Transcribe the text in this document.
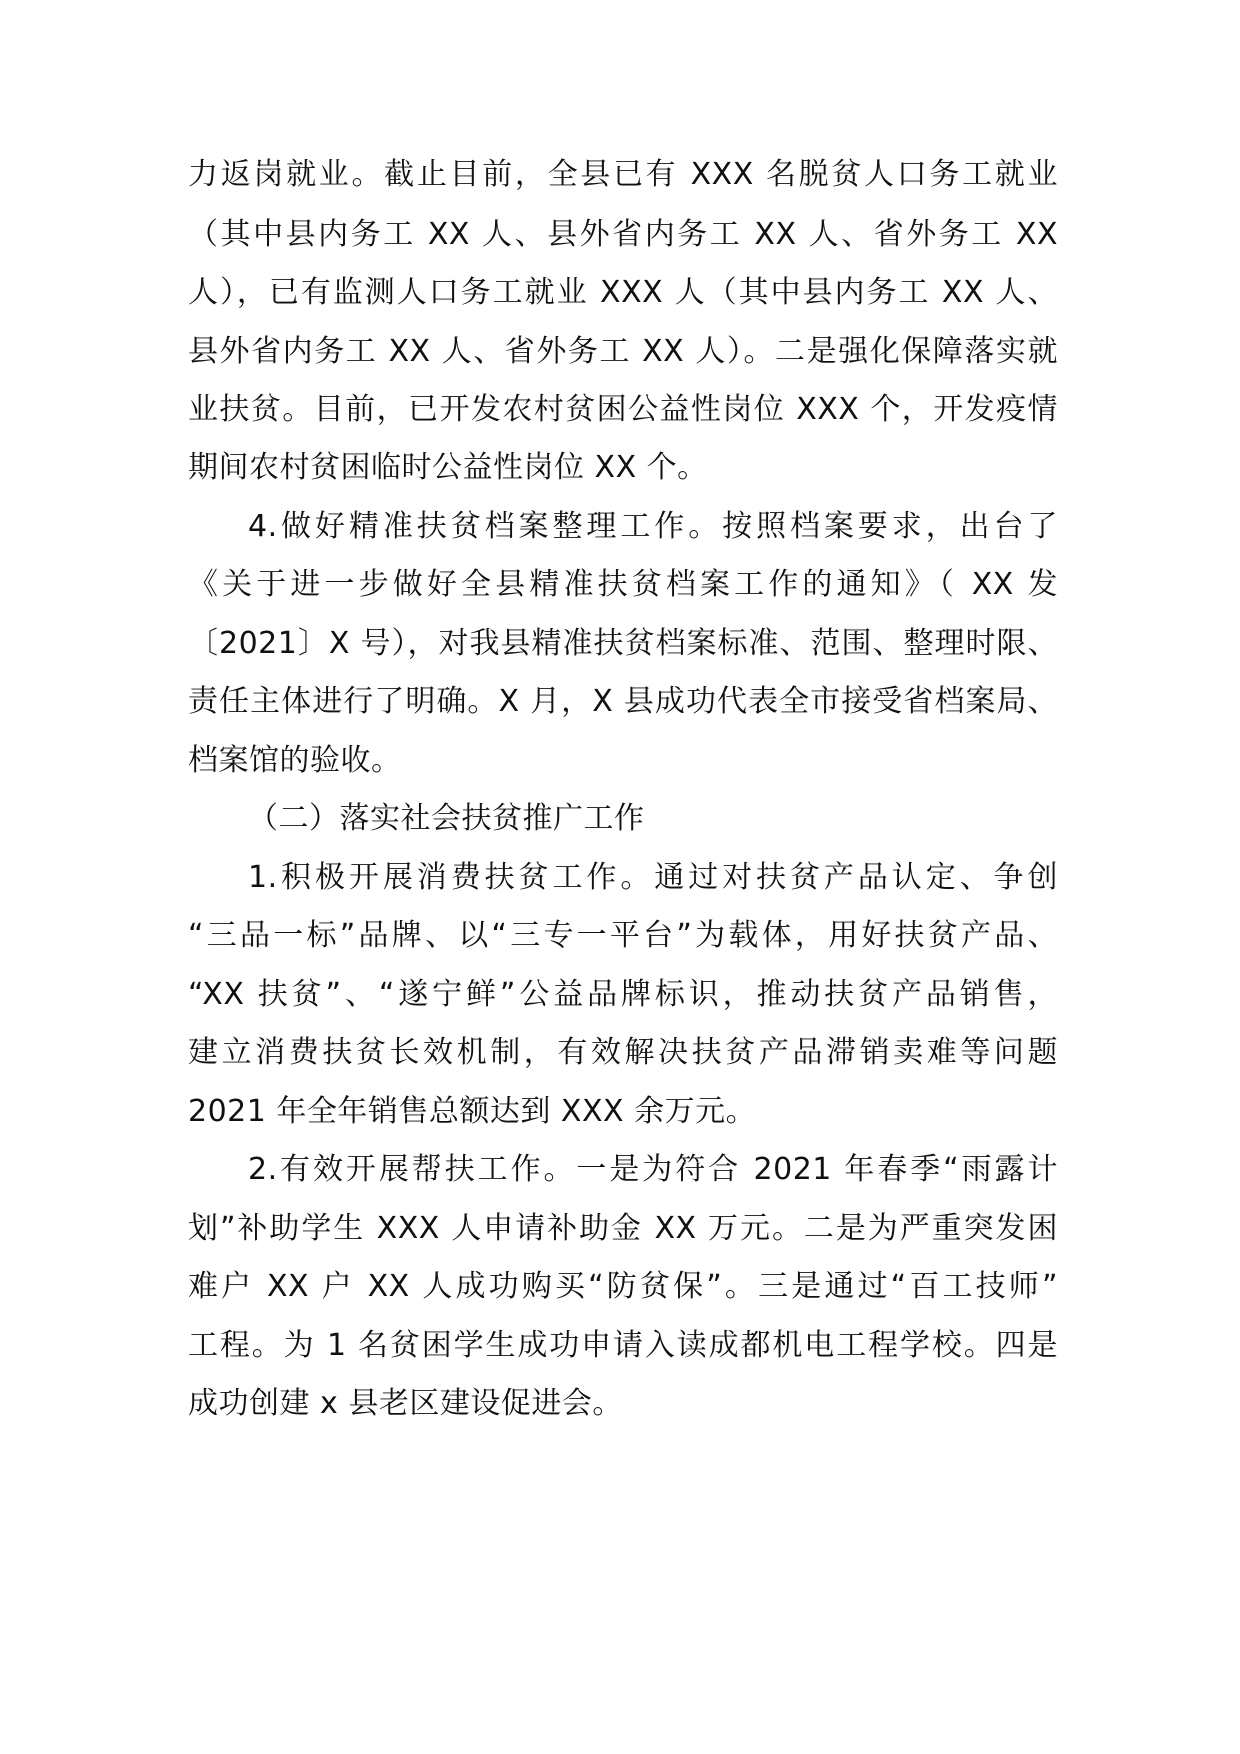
力返岗就业。截止目前，全县已有 XXX 名脱贫人口务工就业
（其中县内务工 XX 人、县外省内务工 XX 人、省外务工 XX
人），已有监测人口务工就业 XXX 人（其中县内务工 XX 人、
县外省内务工 XX 人、省外务工 XX 人）。二是强化保障落实就
业扶贫。目前，已开发农村贫困公益性岗位 XXX 个，开发疫情
期间农村贫困临时公益性岗位 XX 个。
4.做好精准扶贫档案整理工作。按照档案要求，出台了
《关于进一步做好全县精准扶贫档案工作的通知》（ XX 发
〔2021〕X 号），对我县精准扶贫档案标准、范围、整理时限、
责任主体进行了明确。X 月，X 县成功代表全市接受省档案局、
档案馆的验收。
（二）落实社会扶贫推广工作
1.积极开展消费扶贫工作。通过对扶贫产品认定、争创
“三品一标”品牌、以“三专一平台”为载体，用好扶贫产品、
“XX 扶贫”、“遂宁鲜”公益品牌标识，推动扶贫产品销售，
建立消费扶贫长效机制，有效解决扶贫产品滞销卖难等问题
2021 年全年销售总额达到 XXX 余万元。
2.有效开展帮扶工作。一是为符合 2021 年春季“雨露计
划”补助学生 XXX 人申请补助金 XX 万元。二是为严重突发困
难户 XX 户 XX 人成功购买“防贫保”。三是通过“百工技师”
工程。为 1 名贫困学生成功申请入读成都机电工程学校。四是
成功创建 x 县老区建设促进会。
